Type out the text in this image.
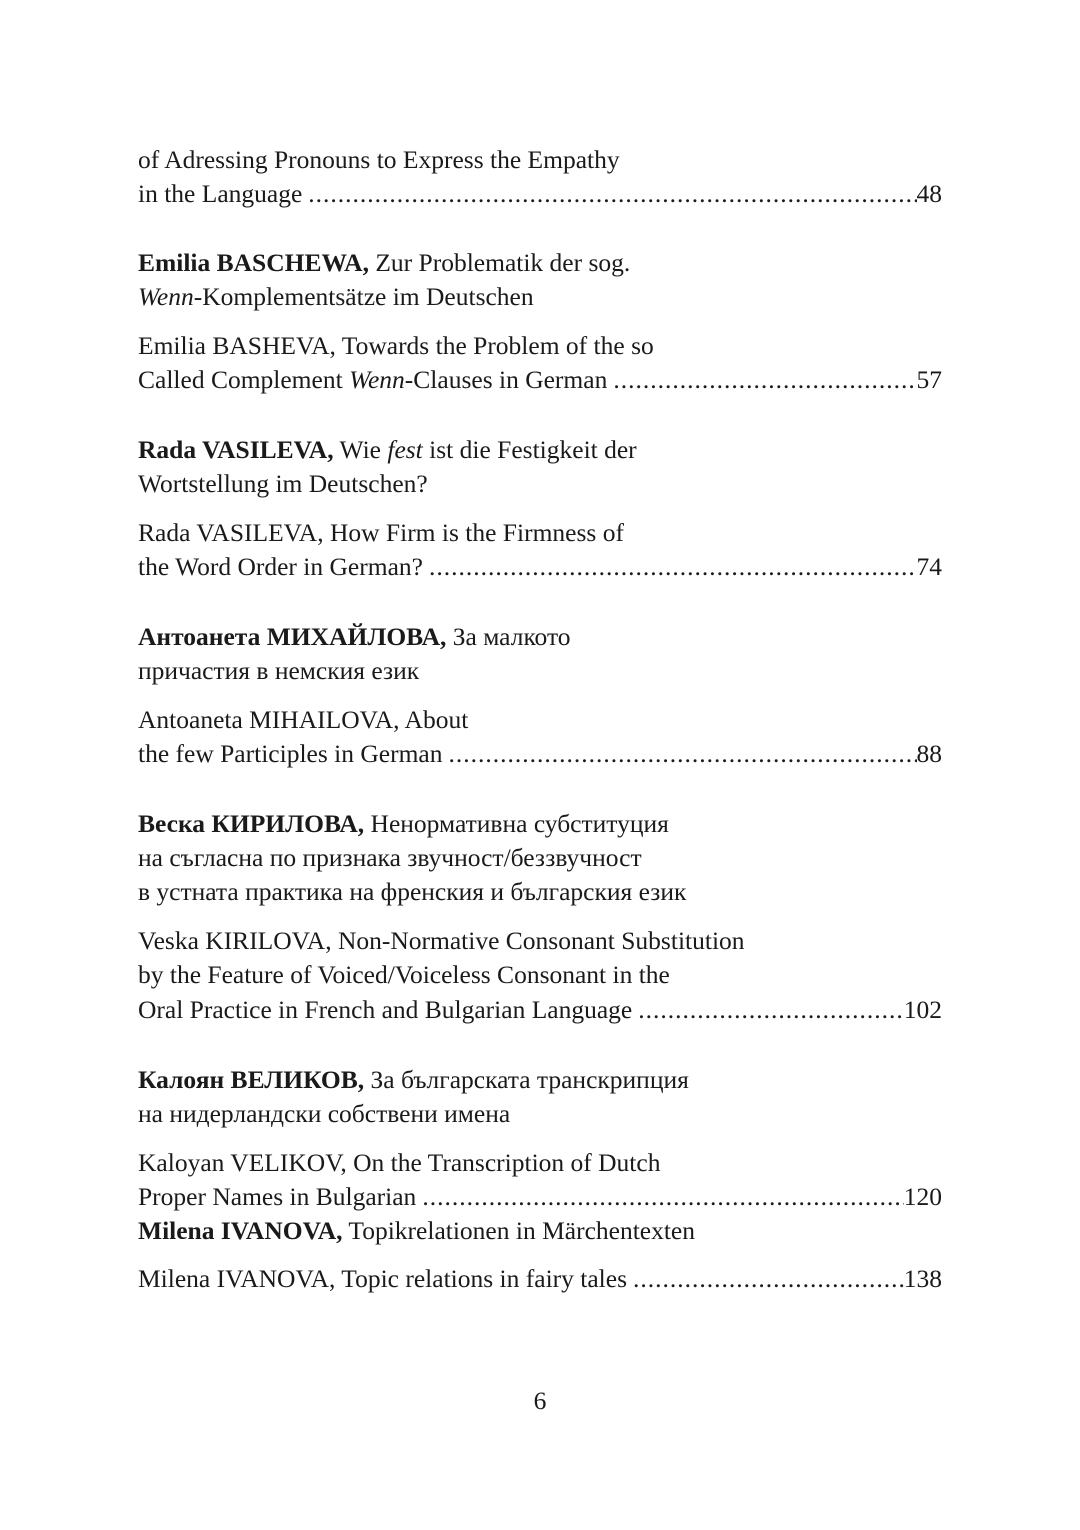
of Adressing Pronouns to Express the Empathy
in the Language .....	48
Emilia BASCHEWA, Zur Problematik der sog.
Wenn-Komplementsätze im Deutschen
Emilia BASHEVA, Towards the Problem of the so
Called Complement Wenn-Clauses in German .....	57
Rada VASILEVA, Wie fest ist die Festigkeit der
Wortstellung im Deutschen?
Rada VASILEVA, How Firm is the Firmness of
the Word Order in German? .....	74
Антоанета МИХАЙЛОВА, За малкото
причастия в немския език
Antoaneta MIHAILOVA, About
the few Participles in German .....	88
Веска КИРИЛОВА, Ненормативна субституция
на съгласна по признака звучност/беззвучност
в устната практика на френския и българския език
Veska KIRILOVA, Non-Normative Consonant Substitution
by the Feature of Voiced/Voiceless Consonant in the
Oral Practice in French and Bulgarian Language .....	102
Калоян ВЕЛИКОВ, За българската транскрипция
на нидерландски собствени имена
Kaloyan VELIKOV, On the Transcription of Dutch
Proper Names in Bulgarian .....	120
Milena IVANOVA, Topikrelationen in Märchentexten
Milena IVANOVA, Topic relations in fairy tales .....	138
6
